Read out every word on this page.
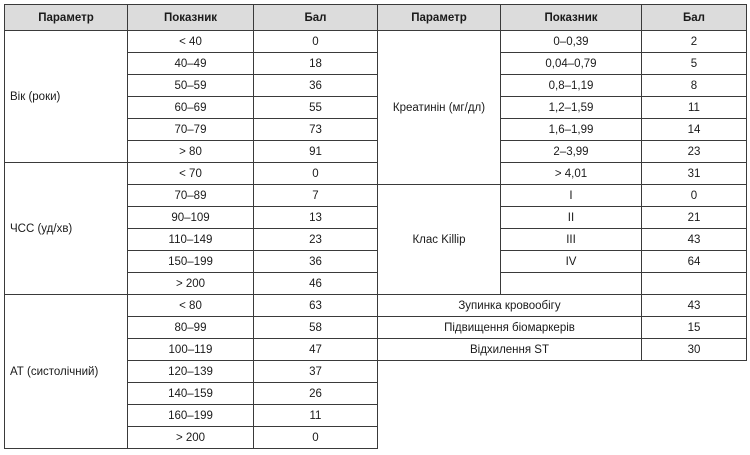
Параметр	Показник	Бал	Параметр	Показник	Бал
Вік (роки)	< 40	0	Креатинін (мг/дл)	0–0,39	2
	40–49	18		0,04–0,79	5
	50–59	36		0,8–1,19	8
	60–69	55		1,2–1,59	11
	70–79	73		1,6–1,99	14
	> 80	91		2–3,99	23
ЧСС (уд/хв)	< 70	0		> 4,01	31
	70–89	7	Клас Killip	I	0
	90–109	13		II	21
	110–149	23		III	43
	150–199	36		IV	64
	> 200	46			
АТ (систолічний)	< 80	63	Зупинка кровообігу		43
	80–99	58	Підвищення біомаркерів		15
	100–119	47	Відхилення ST		30
	120–139	37			
	140–159	26			
	160–199	11			
	> 200	0			
